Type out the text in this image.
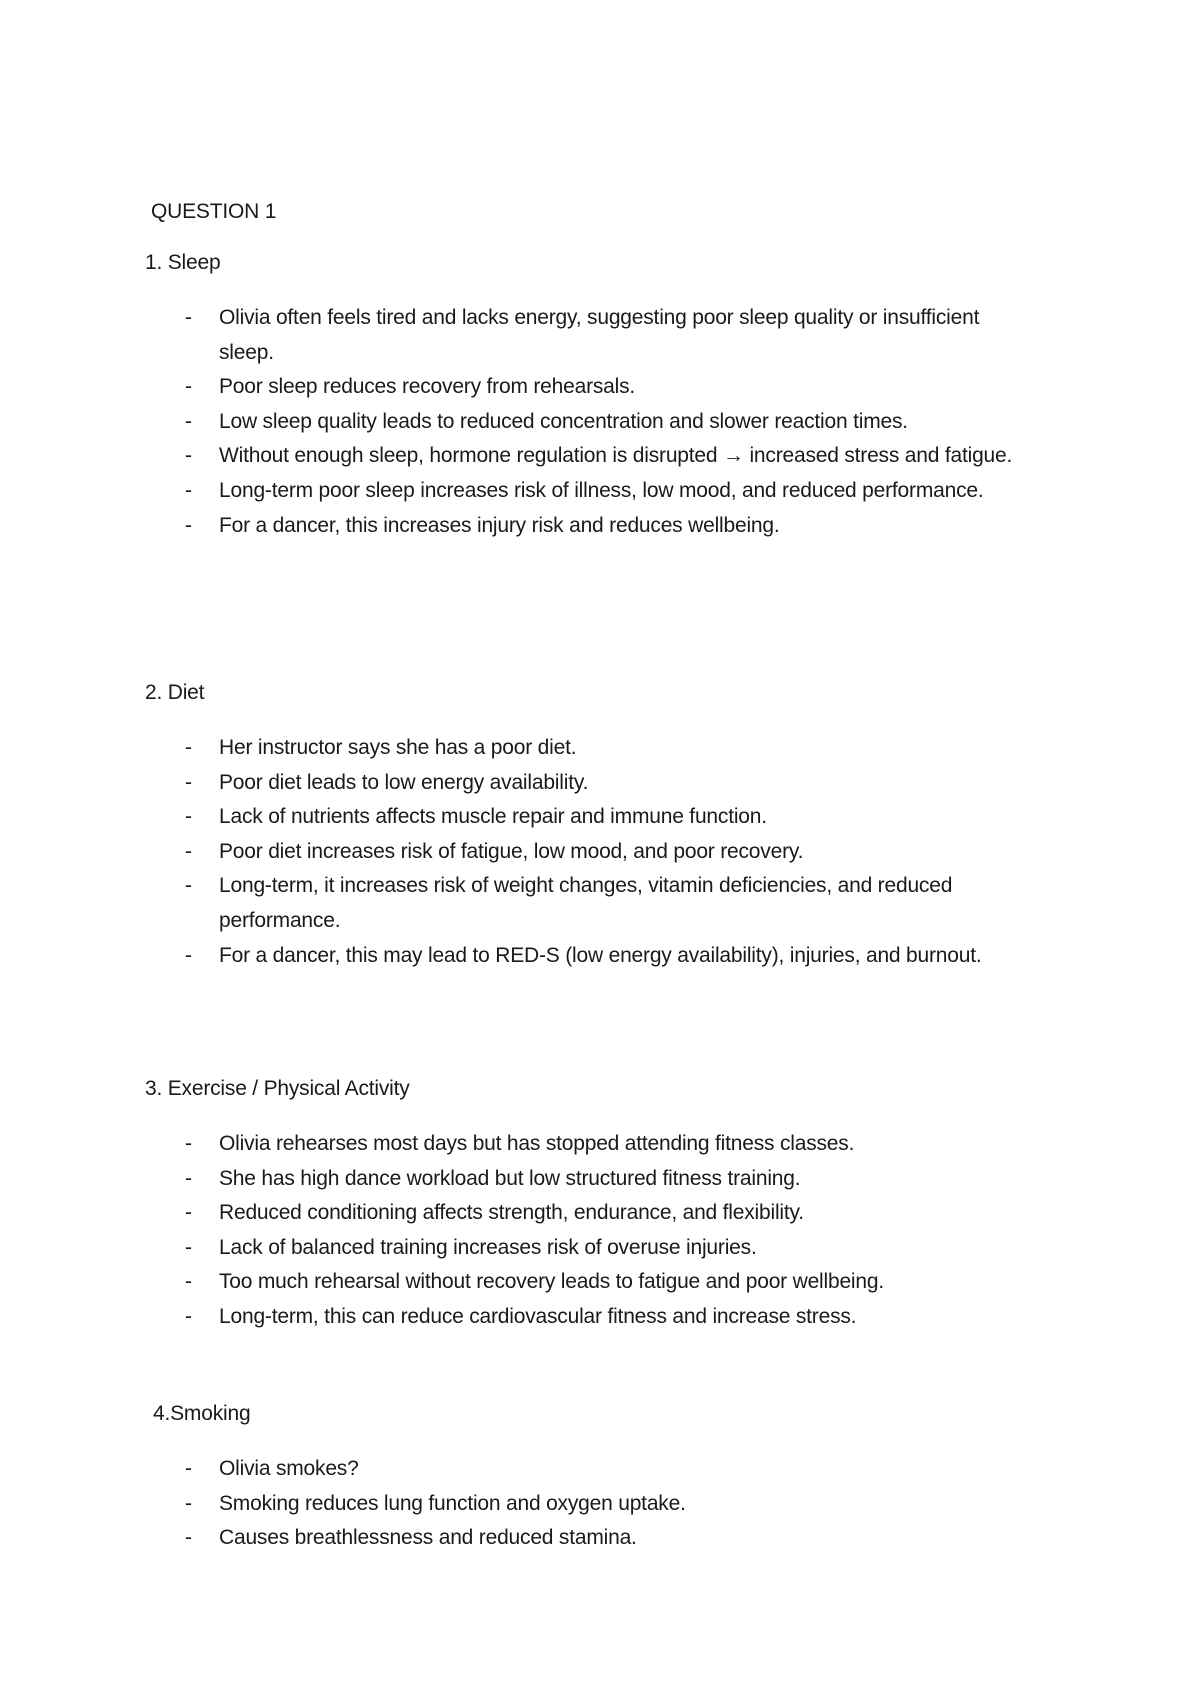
QUESTION 1
1. Sleep
- Olivia often feels tired and lacks energy, suggesting poor sleep quality or insufficient sleep.
- Poor sleep reduces recovery from rehearsals.
- Low sleep quality leads to reduced concentration and slower reaction times.
- Without enough sleep, hormone regulation is disrupted → increased stress and fatigue.
- Long-term poor sleep increases risk of illness, low mood, and reduced performance.
- For a dancer, this increases injury risk and reduces wellbeing.
2. Diet
- Her instructor says she has a poor diet.
- Poor diet leads to low energy availability.
- Lack of nutrients affects muscle repair and immune function.
- Poor diet increases risk of fatigue, low mood, and poor recovery.
- Long-term, it increases risk of weight changes, vitamin deficiencies, and reduced performance.
- For a dancer, this may lead to RED-S (low energy availability), injuries, and burnout.
3. Exercise / Physical Activity
- Olivia rehearses most days but has stopped attending fitness classes.
- She has high dance workload but low structured fitness training.
- Reduced conditioning affects strength, endurance, and flexibility.
- Lack of balanced training increases risk of overuse injuries.
- Too much rehearsal without recovery leads to fatigue and poor wellbeing.
- Long-term, this can reduce cardiovascular fitness and increase stress.
4.Smoking
- Olivia smokes?
- Smoking reduces lung function and oxygen uptake.
- Causes breathlessness and reduced stamina.
